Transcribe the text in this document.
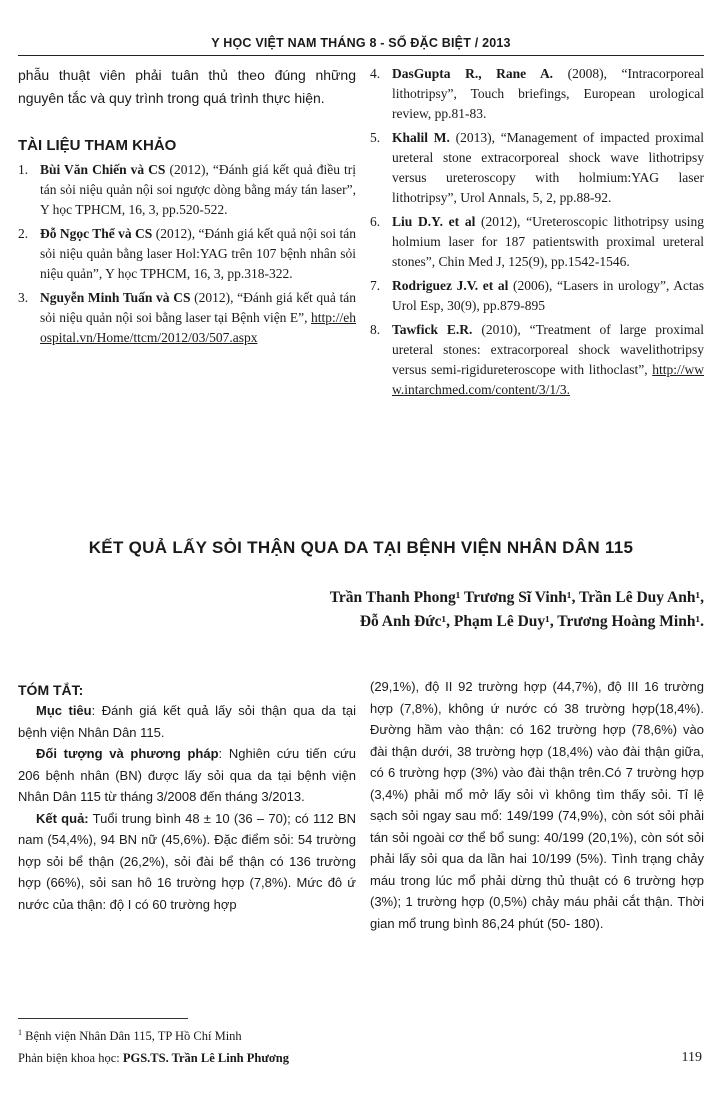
Y HỌC VIỆT NAM THÁNG 8 - SỐ ĐẶC BIỆT / 2013
phẫu thuật viên phải tuân thủ theo đúng những nguyên tắc và quy trình trong quá trình thực hiện.
TÀI LIỆU THAM KHẢO
1. Bùi Văn Chiến và CS (2012), “Đánh giá kết quả điều trị tán sỏi niệu quản nội soi ngược dòng bằng máy tán laser”, Y học TPHCM, 16, 3, pp.520-522.
2. Đỗ Ngọc Thể và CS (2012), “Đánh giá kết quả nội soi tán sỏi niệu quản bằng laser Hol:YAG trên 107 bệnh nhân sỏi niệu quản”, Y học TPHCM, 16, 3, pp.318-322.
3. Nguyễn Minh Tuấn và CS (2012), “Đánh giá kết quả tán sỏi niệu quản nội soi bằng laser tại Bệnh viện E”, http://ehospital.vn/Home/ttcm/2012/03/507.aspx
4. DasGupta R., Rane A. (2008), “Intracorporeal lithotripsy”, Touch briefings, European urological review, pp.81-83.
5. Khalil M. (2013), “Management of impacted proximal ureteral stone extracorporeal shock wave lithotripsy versus ureteroscopy with holmium:YAG laser lithotripsy”, Urol Annals, 5, 2, pp.88-92.
6. Liu D.Y. et al (2012), “Ureteroscopic lithotripsy using holmium laser for 187 patientswith proximal ureteral stones”, Chin Med J, 125(9), pp.1542-1546.
7. Rodriguez J.V. et al (2006), “Lasers in urology”, Actas Urol Esp, 30(9), pp.879-895
8. Tawfick E.R. (2010), “Treatment of large proximal ureteral stones: extracorporeal shock wavelithotripsy versus semi-rigidureteroscope with lithoclast”, http://www.intarchmed.com/content/3/1/3.
KẾT QUẢ LẤY SỎI THẬN QUA DA TẠI BỆNH VIỆN NHÂN DÂN 115
Trần Thanh Phong¹ Trương Sĩ Vinh¹, Trần Lê Duy Anh¹,
Đỗ Anh Đức¹, Phạm Lê Duy¹, Trương Hoàng Minh¹.
TÓM TẮT:

Mục tiêu: Đánh giá kết quả lấy sỏi thận qua da tại bệnh viện Nhân Dân 115.

Đối tượng và phương pháp: Nghiên cứu tiến cứu 206 bệnh nhân (BN) được lấy sỏi qua da tại bệnh viện Nhân Dân 115 từ tháng 3/2008 đến tháng 3/2013.

Kết quả: Tuổi trung bình 48 ± 10 (36 – 70); có 112 BN nam (54,4%), 94 BN nữ (45,6%). Đặc điểm sỏi: 54 trường hợp sỏi bể thận (26,2%), sỏi đài bể thận có 136 trường hợp (66%), sỏi san hô 16 trường hợp (7,8%). Mức đô ứ nước của thận: độ I có 60 trường hợp

(29,1%), độ II 92 trường hợp (44,7%), độ III 16 trường hợp (7,8%), không ứ nước có 38 trường hợp(18,4%). Đường hầm vào thận: có 162 trường hợp (78,6%) vào đài thận dưới, 38 trường hợp (18,4%) vào đài thận giữa, có 6 trường hợp (3%) vào đài thận trên.Có 7 trường hợp (3,4%) phải mổ mở lấy sỏi vì không tìm thấy sỏi. Tỉ lệ sạch sỏi ngay sau mổ: 149/199 (74,9%), còn sót sỏi phải tán sỏi ngoài cơ thể bổ sung: 40/199 (20,1%), còn sót sỏi phải lấy sỏi qua da lần hai 10/199 (5%). Tình trạng chảy máu trong lúc mổ phải dừng thủ thuật có 6 trường hợp (3%); 1 trường hợp (0,5%) chảy máu phải cắt thận. Thời gian mổ trung bình 86,24 phút (50- 180).

$^1$ Bệnh viện Nhân Dân 115, TP Hồ Chí Minh
Phản biện khoa học: PGS.TS. Trần Lê Linh Phương	119
